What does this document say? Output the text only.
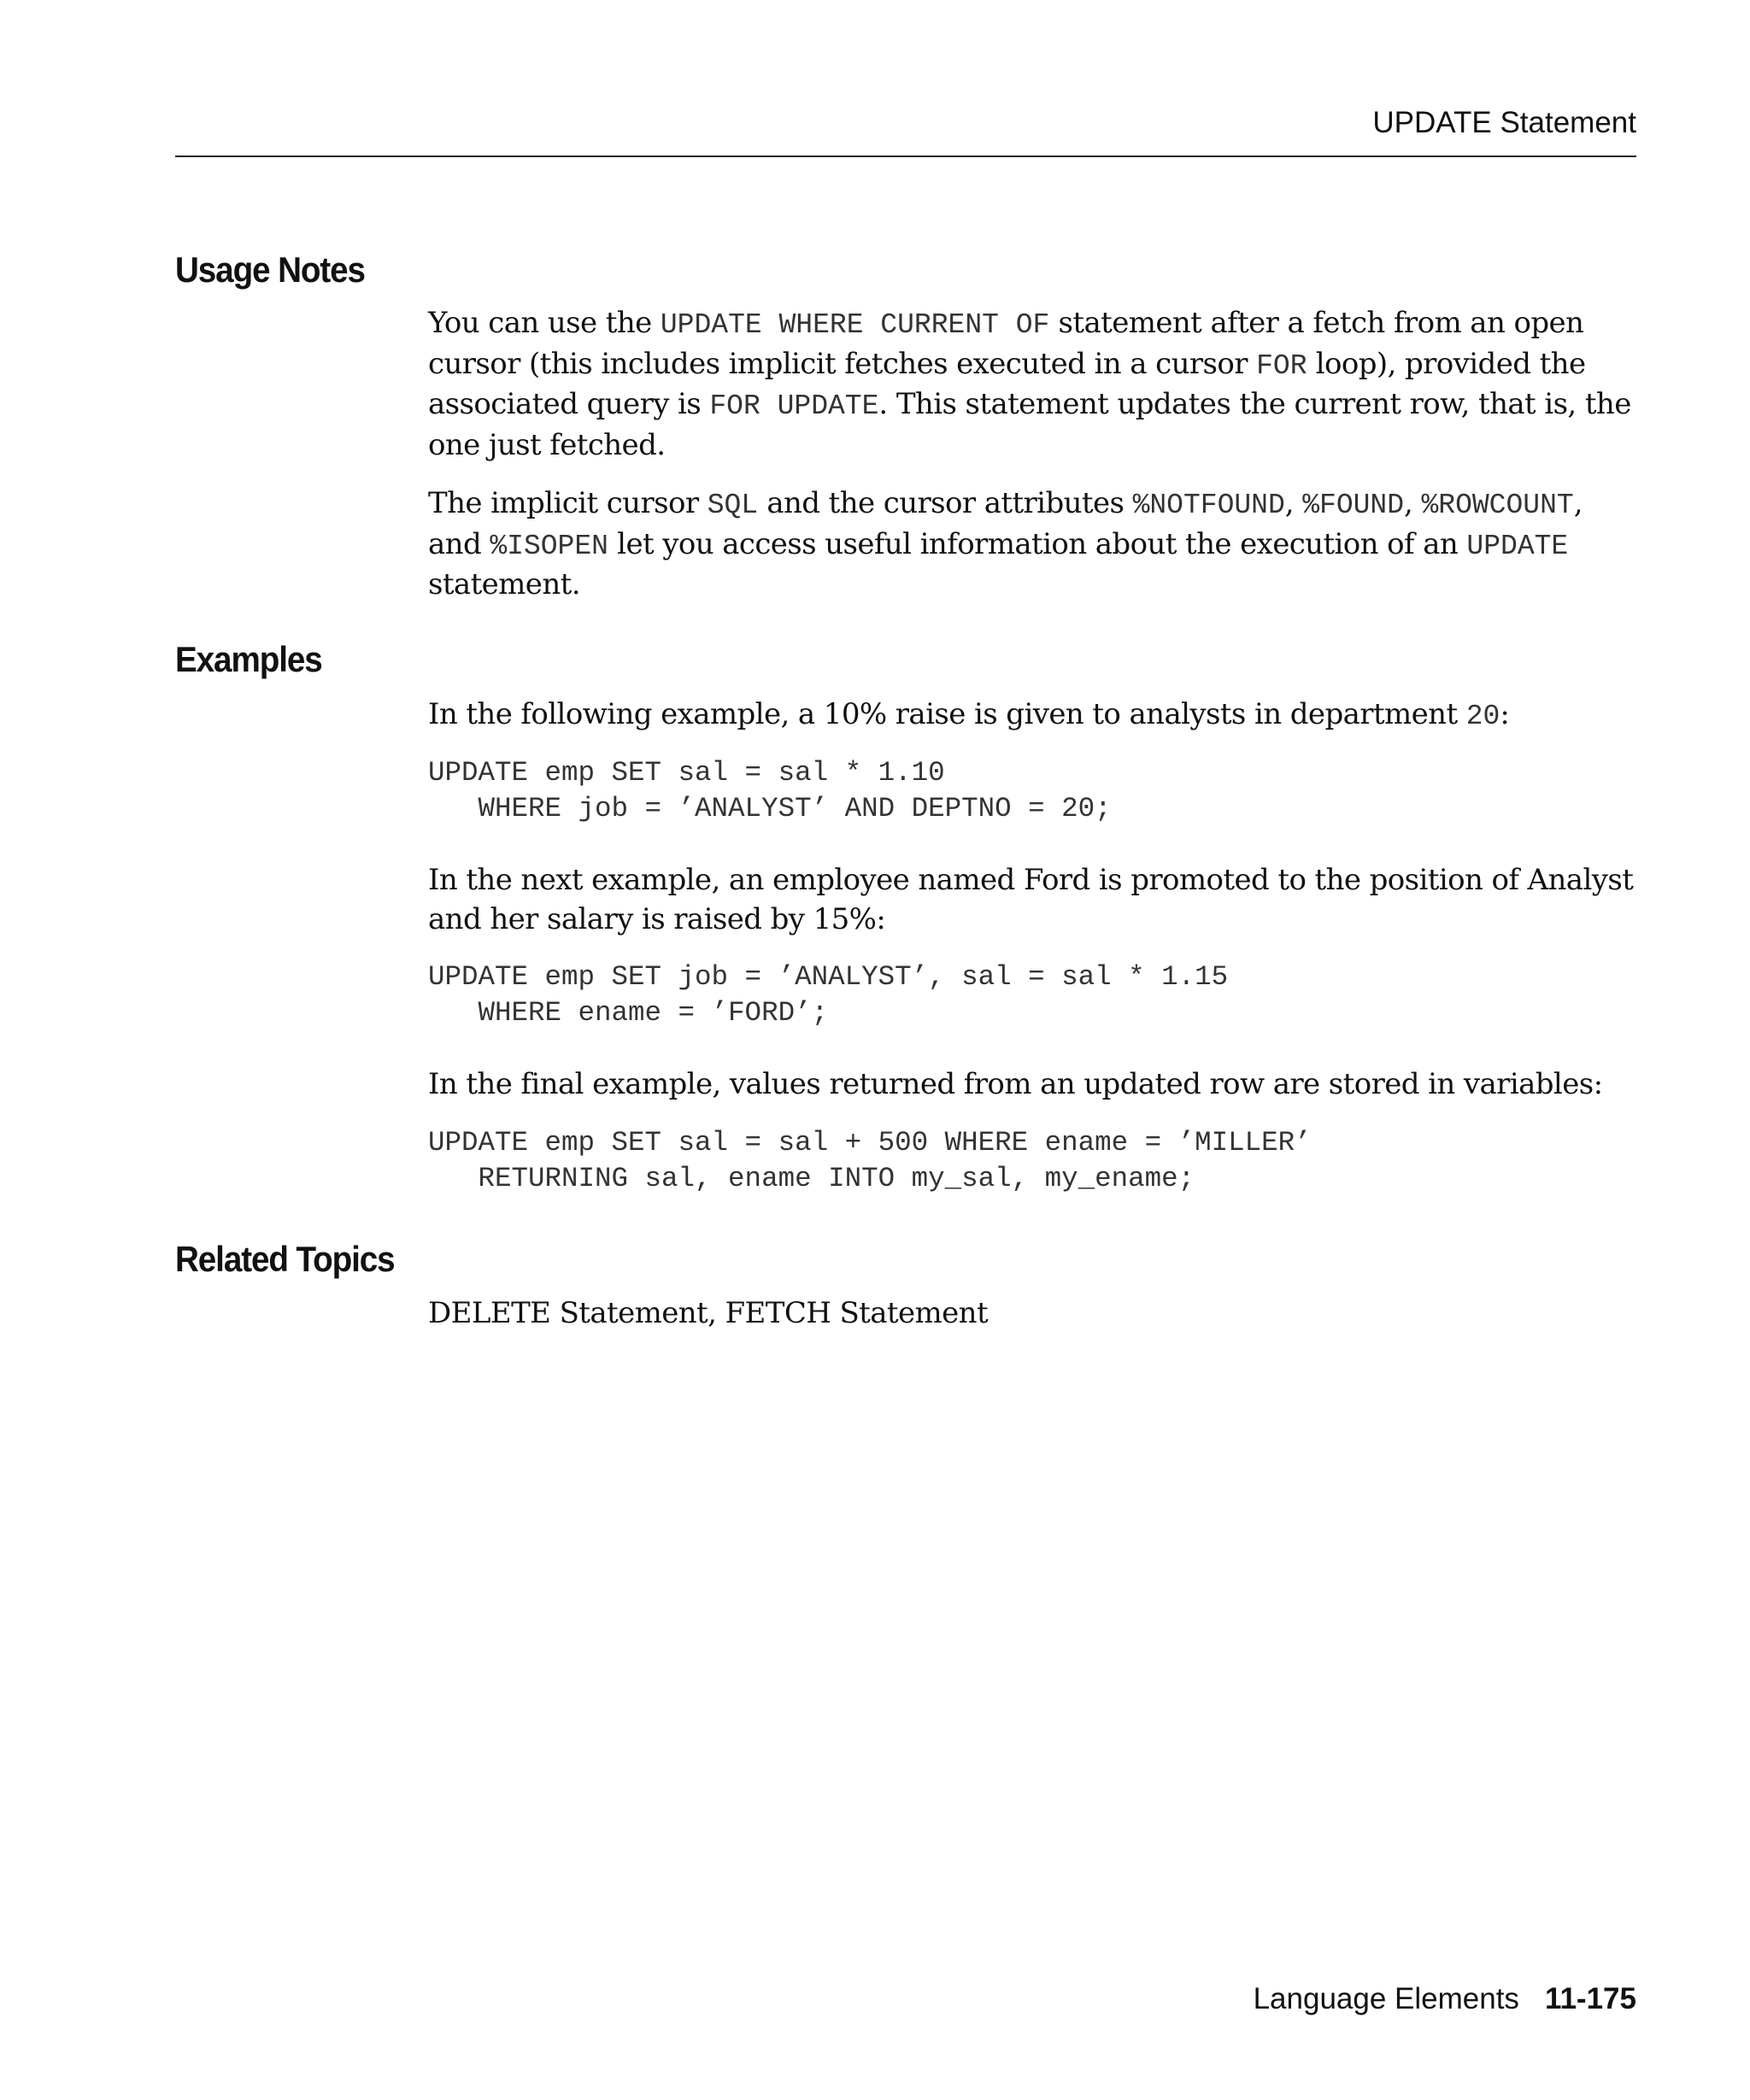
UPDATE Statement

Usage Notes

You can use the UPDATE WHERE CURRENT OF statement after a fetch from an open cursor (this includes implicit fetches executed in a cursor FOR loop), provided the associated query is FOR UPDATE. This statement updates the current row, that is, the one just fetched.

The implicit cursor SQL and the cursor attributes %NOTFOUND, %FOUND, %ROWCOUNT, and %ISOPEN let you access useful information about the execution of an UPDATE statement.

Examples

In the following example, a 10% raise is given to analysts in department 20:

UPDATE emp SET sal = sal * 1.10
WHERE job = ’ANALYST’ AND DEPTNO = 20;

In the next example, an employee named Ford is promoted to the position of Analyst and her salary is raised by 15%:

UPDATE emp SET job = ’ANALYST’, sal = sal * 1.15
WHERE ename = ’FORD’;

In the final example, values returned from an updated row are stored in variables:

UPDATE emp SET sal = sal + 500 WHERE ename = ’MILLER’
RETURNING sal, ename INTO my_sal, my_ename;
Related Topics

DELETE Statement, FETCH Statement

Language Elements 11-175
